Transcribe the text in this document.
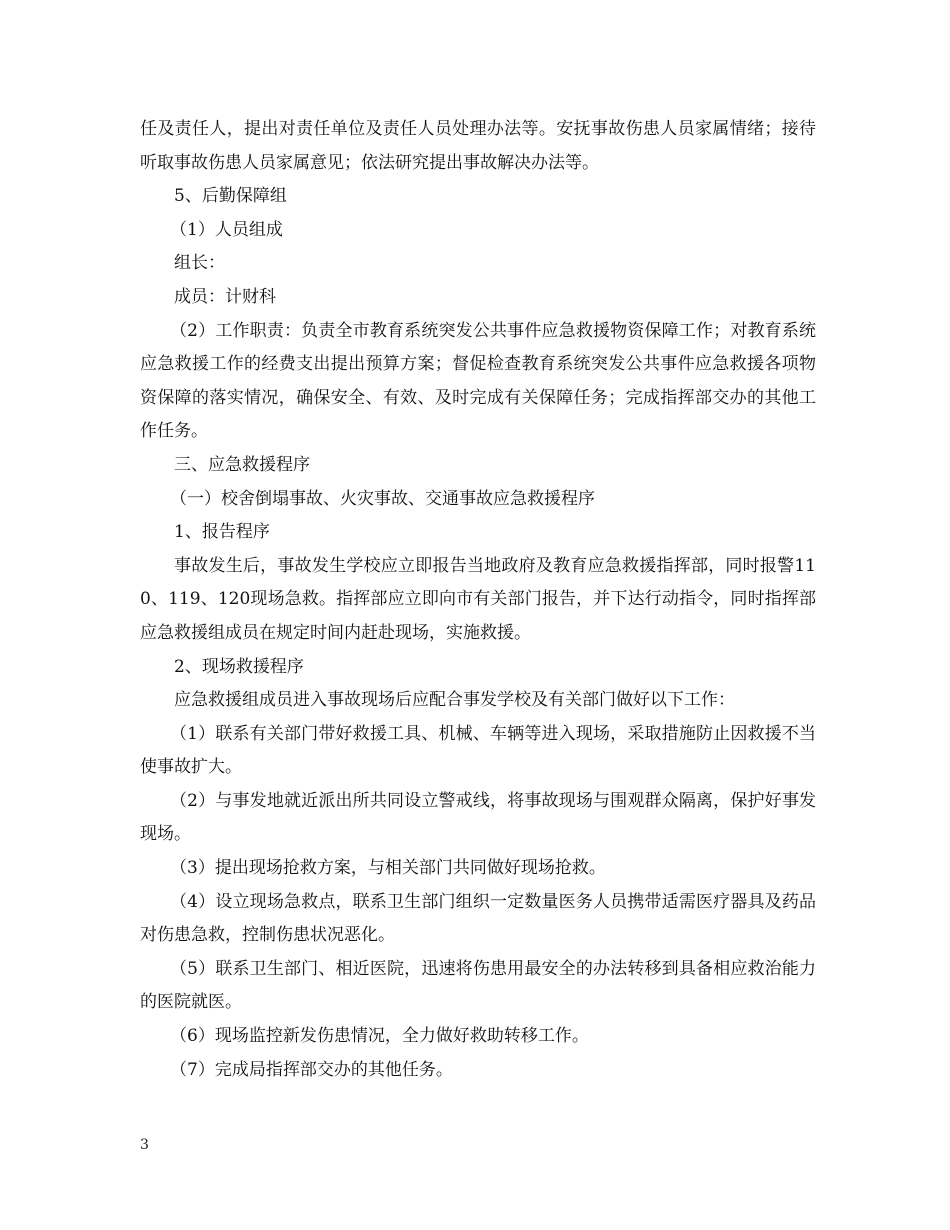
任及责任人，提出对责任单位及责任人员处理办法等。安抚事故伤患人员家属情绪；接待听取事故伤患人员家属意见；依法研究提出事故解决办法等。

5、后勤保障组

（1）人员组成

组长：

成员：计财科

（2）工作职责：负责全市教育系统突发公共事件应急救援物资保障工作；对教育系统应急救援工作的经费支出提出预算方案；督促检查教育系统突发公共事件应急救援各项物资保障的落实情况，确保安全、有效、及时完成有关保障任务；完成指挥部交办的其他工作任务。

三、应急救援程序

（一）校舍倒塌事故、火灾事故、交通事故应急救援程序

1、报告程序

事故发生后，事故发生学校应立即报告当地政府及教育应急救援指挥部，同时报警110、119、120现场急救。指挥部应立即向市有关部门报告，并下达行动指令，同时指挥部应急救援组成员在规定时间内赶赴现场，实施救援。

2、现场救援程序

应急救援组成员进入事故现场后应配合事发学校及有关部门做好以下工作：

（1）联系有关部门带好救援工具、机械、车辆等进入现场，采取措施防止因救援不当使事故扩大。

（2）与事发地就近派出所共同设立警戒线，将事故现场与围观群众隔离，保护好事发现场。

（3）提出现场抢救方案，与相关部门共同做好现场抢救。

（4）设立现场急救点，联系卫生部门组织一定数量医务人员携带适需医疗器具及药品对伤患急救，控制伤患状况恶化。

（5）联系卫生部门、相近医院，迅速将伤患用最安全的办法转移到具备相应救治能力的医院就医。

（6）现场监控新发伤患情况，全力做好救助转移工作。

（7）完成局指挥部交办的其他任务。

3
